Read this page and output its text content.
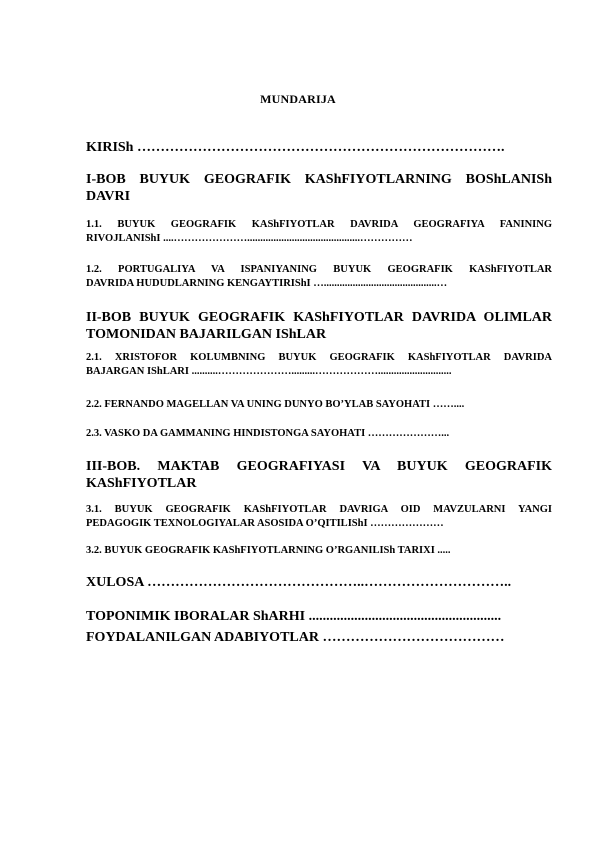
MUNDARIJA
KIRISh …………………………………………………………………….
I-BOB BUYUK GEOGRAFIK KAShFIYOTLARNING BOShLANISh
DAVRI
1.1. BUYUK GEOGRAFIK KAShFIYOTLAR DAVRIDA GEOGRAFIYA FANINING
RIVOJLANIShI ....…………………...........................................……………
1.2. PORTUGALIYA VA ISPANIYANING BUYUK GEOGRAFIK KAShFIYOTLAR
DAVRIDA HUDUDLARNING KENGAYTIRIShI …...........................................…
II-BOB BUYUK GEOGRAFIK KAShFIYOTLAR DAVRIDA OLIMLAR
TOMONIDAN BAJARILGAN IShLAR
2.1. XRISTOFOR KOLUMBNING BUYUK GEOGRAFIK KAShFIYOTLAR DAVRIDA
BAJARGAN IShLARI ..........………………….........………………............................
2.2. FERNANDO MAGELLAN VA UNING DUNYO BO’YLAB SAYOHATI ……....
2.3. VASKO DA GAMMANING HINDISTONGA SAYOHATI …………………...
III-BOB. MAKTAB GEOGRAFIYASI VA BUYUK GEOGRAFIK
KAShFIYOTLAR
3.1. BUYUK GEOGRAFIK KAShFIYOTLAR DAVRIGA OID MAVZULARNI YANGI
PEDAGOGIK TEXNOLOGIYALAR ASOSIDA O’QITILIShI …………………
3.2. BUYUK GEOGRAFIK KAShFIYOTLARNING O’RGANILISh TARIXI .....
XULOSA ………………………………………..…………………………..
TOPONIMIK IBORALAR ShARHI .......................................................
FOYDALANILGAN ADABIYOTLAR …………………………………
